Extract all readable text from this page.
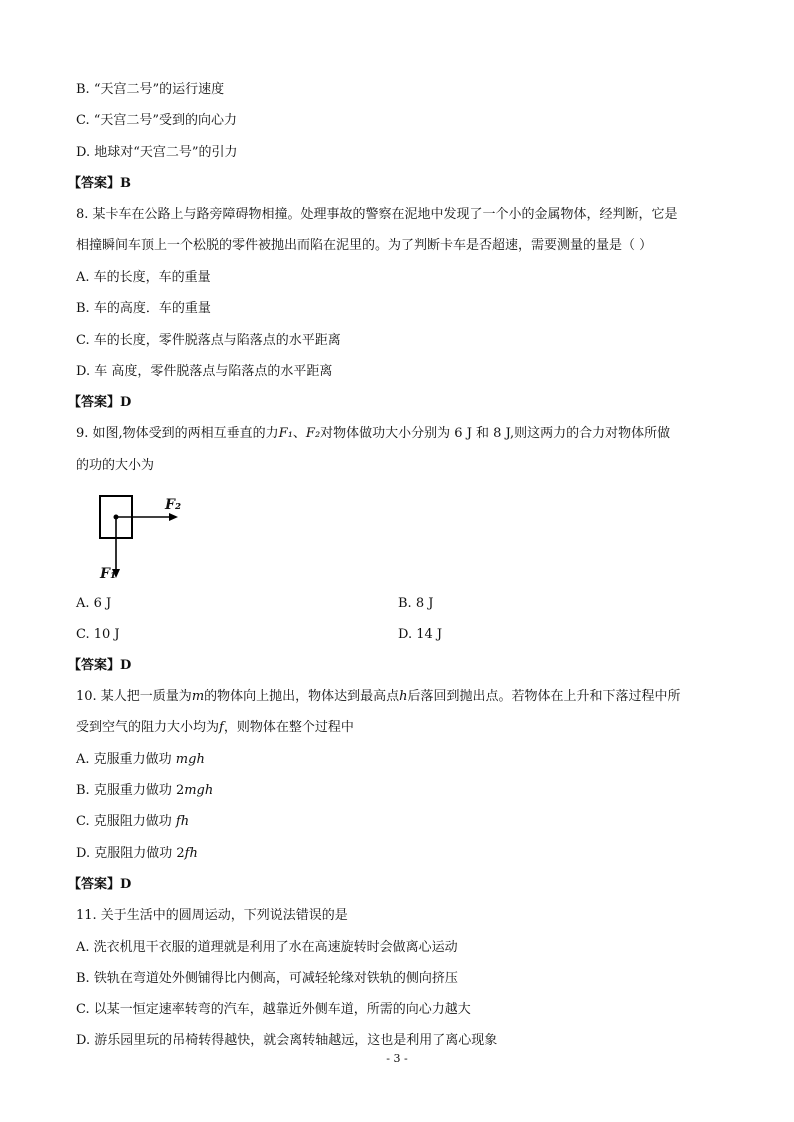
B. “天宫二号”的运行速度
C. “天宫二号”受到的向心力
D. 地球对“天宫二号”的引力
【答案】B
8. 某卡车在公路上与路旁障碍物相撞。处理事故的警察在泥地中发现了一个小的金属物体，经判断，它是
相撞瞬间车顶上一个松脱的零件被抛出而陷在泥里的。为了判断卡车是否超速，需要测量的量是（ ）
A. 车的长度，车的重量
B. 车的高度．车的重量
C. 车的长度，零件脱落点与陷落点的水平距离
D. 车 高度，零件脱落点与陷落点的水平距离
【答案】D
9. 如图,物体受到的两相互垂直的力F₁、F₂对物体做功大小分别为 6 J 和 8 J,则这两力的合力对物体所做
的功的大小为
F₂
F₁
A. 6 J	B. 8 J
C. 10 J	D. 14 J
【答案】D
10. 某人把一质量为m的物体向上抛出，物体达到最高点h后落回到抛出点。若物体在上升和下落过程中所
受到空气的阻力大小均为f，则物体在整个过程中
A. 克服重力做功 mgh
B. 克服重力做功 2mgh
C. 克服阻力做功 fh
D. 克服阻力做功 2fh
【答案】D
11. 关于生活中的圆周运动，下列说法错误的是
A. 洗衣机甩干衣服的道理就是利用了水在高速旋转时会做离心运动
B. 铁轨在弯道处外侧铺得比内侧高，可减轻轮缘对铁轨的侧向挤压
C. 以某一恒定速率转弯的汽车，越靠近外侧车道，所需的向心力越大
D. 游乐园里玩的吊椅转得越快，就会离转轴越远，这也是利用了离心现象
- 3 -
